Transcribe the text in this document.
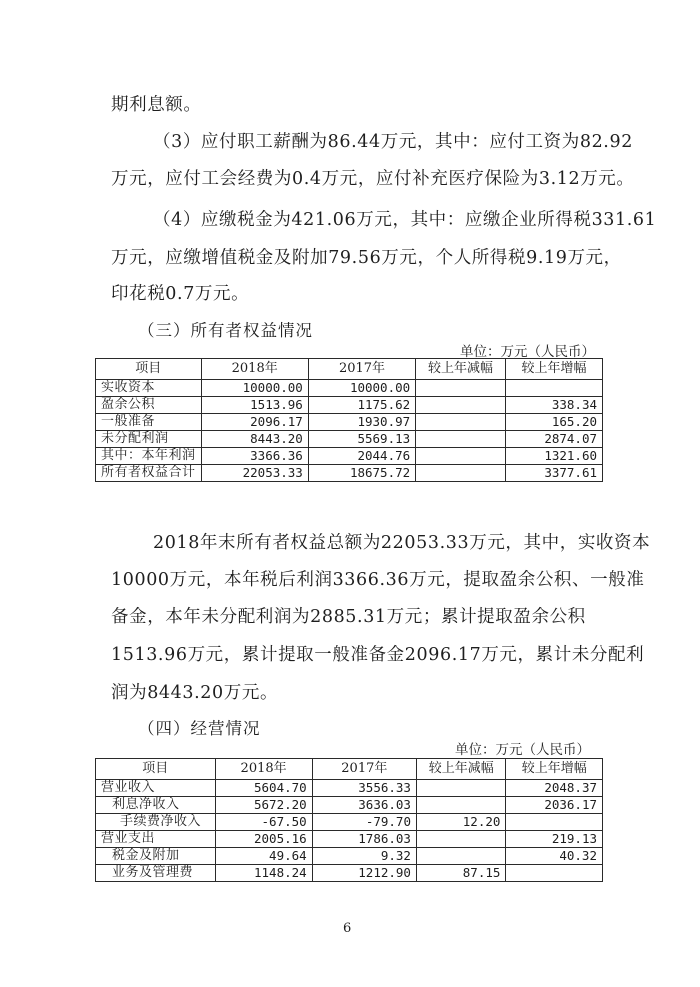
期利息额。
（3）应付职工薪酬为86.44万元，其中：应付工资为82.92
万元，应付工会经费为0.4万元，应付补充医疗保险为3.12万元。
（4）应缴税金为421.06万元，其中：应缴企业所得税331.61
万元，应缴增值税金及附加79.56万元，个人所得税9.19万元，
印花税0.7万元。
（三）所有者权益情况
单位：万元（人民币）
项目	2018年	2017年	较上年减幅	较上年增幅
实收资本	10000.00	10000.00		
盈余公积	1513.96	1175.62		338.34
一般准备	2096.17	1930.97		165.20
未分配利润	8443.20	5569.13		2874.07
其中：本年利润	3366.36	2044.76		1321.60
所有者权益合计	22053.33	18675.72		3377.61
2018年末所有者权益总额为22053.33万元，其中，实收资本
10000万元，本年税后利润3366.36万元，提取盈余公积、一般准
备金，本年未分配利润为2885.31万元；累计提取盈余公积
1513.96万元，累计提取一般准备金2096.17万元，累计未分配利
润为8443.20万元。
（四）经营情况
单位：万元（人民币）
项目	2018年	2017年	较上年减幅	较上年增幅
营业收入	5604.70	3556.33		2048.37
利息净收入	5672.20	3636.03		2036.17
手续费净收入	-67.50	-79.70	12.20	
营业支出	2005.16	1786.03		219.13
税金及附加	49.64	9.32		40.32
业务及管理费	1148.24	1212.90	87.15	
6
